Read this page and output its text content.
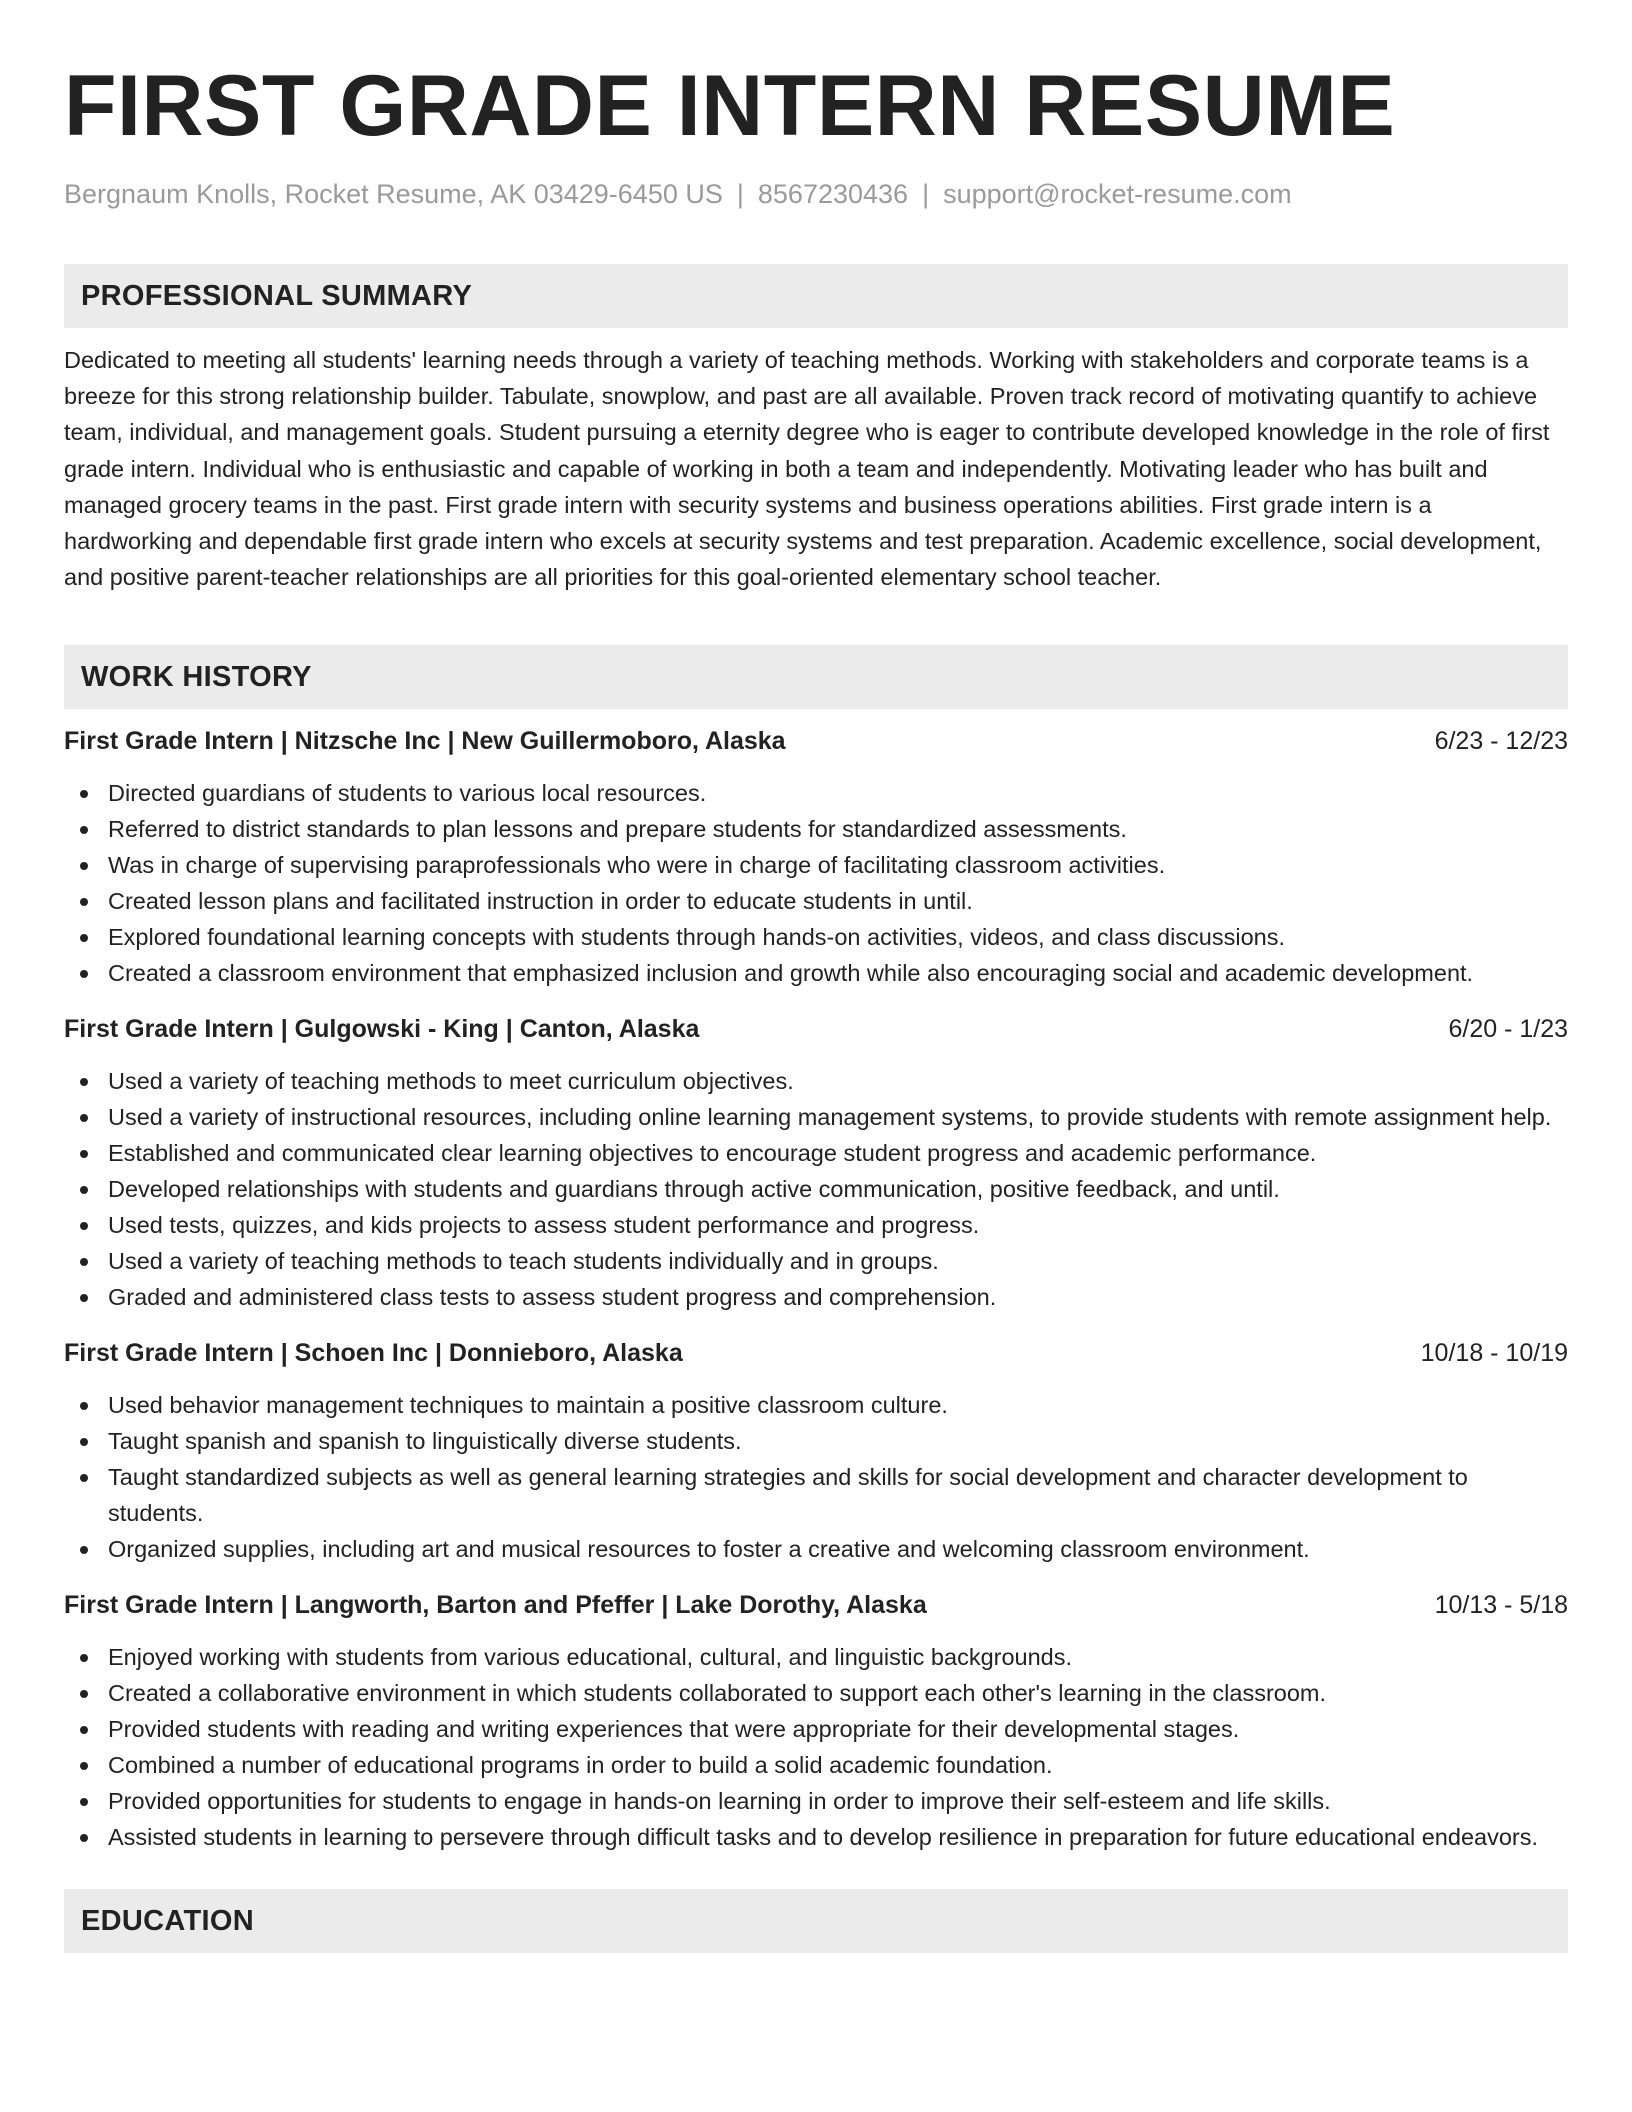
FIRST GRADE INTERN RESUME
Bergnaum Knolls, Rocket Resume, AK 03429-6450 US | 8567230436 | support@rocket-resume.com
PROFESSIONAL SUMMARY
Dedicated to meeting all students' learning needs through a variety of teaching methods. Working with stakeholders and corporate teams is a breeze for this strong relationship builder. Tabulate, snowplow, and past are all available. Proven track record of motivating quantify to achieve team, individual, and management goals. Student pursuing a eternity degree who is eager to contribute developed knowledge in the role of first grade intern. Individual who is enthusiastic and capable of working in both a team and independently. Motivating leader who has built and managed grocery teams in the past. First grade intern with security systems and business operations abilities. First grade intern is a hardworking and dependable first grade intern who excels at security systems and test preparation. Academic excellence, social development, and positive parent-teacher relationships are all priorities for this goal-oriented elementary school teacher.
WORK HISTORY
First Grade Intern | Nitzsche Inc | New Guillermoboro, Alaska	6/23 - 12/23
Directed guardians of students to various local resources.
Referred to district standards to plan lessons and prepare students for standardized assessments.
Was in charge of supervising paraprofessionals who were in charge of facilitating classroom activities.
Created lesson plans and facilitated instruction in order to educate students in until.
Explored foundational learning concepts with students through hands-on activities, videos, and class discussions.
Created a classroom environment that emphasized inclusion and growth while also encouraging social and academic development.
First Grade Intern | Gulgowski - King | Canton, Alaska	6/20 - 1/23
Used a variety of teaching methods to meet curriculum objectives.
Used a variety of instructional resources, including online learning management systems, to provide students with remote assignment help.
Established and communicated clear learning objectives to encourage student progress and academic performance.
Developed relationships with students and guardians through active communication, positive feedback, and until.
Used tests, quizzes, and kids projects to assess student performance and progress.
Used a variety of teaching methods to teach students individually and in groups.
Graded and administered class tests to assess student progress and comprehension.
First Grade Intern | Schoen Inc | Donnieboro, Alaska	10/18 - 10/19
Used behavior management techniques to maintain a positive classroom culture.
Taught spanish and spanish to linguistically diverse students.
Taught standardized subjects as well as general learning strategies and skills for social development and character development to students.
Organized supplies, including art and musical resources to foster a creative and welcoming classroom environment.
First Grade Intern | Langworth, Barton and Pfeffer | Lake Dorothy, Alaska	10/13 - 5/18
Enjoyed working with students from various educational, cultural, and linguistic backgrounds.
Created a collaborative environment in which students collaborated to support each other's learning in the classroom.
Provided students with reading and writing experiences that were appropriate for their developmental stages.
Combined a number of educational programs in order to build a solid academic foundation.
Provided opportunities for students to engage in hands-on learning in order to improve their self-esteem and life skills.
Assisted students in learning to persevere through difficult tasks and to develop resilience in preparation for future educational endeavors.
EDUCATION
